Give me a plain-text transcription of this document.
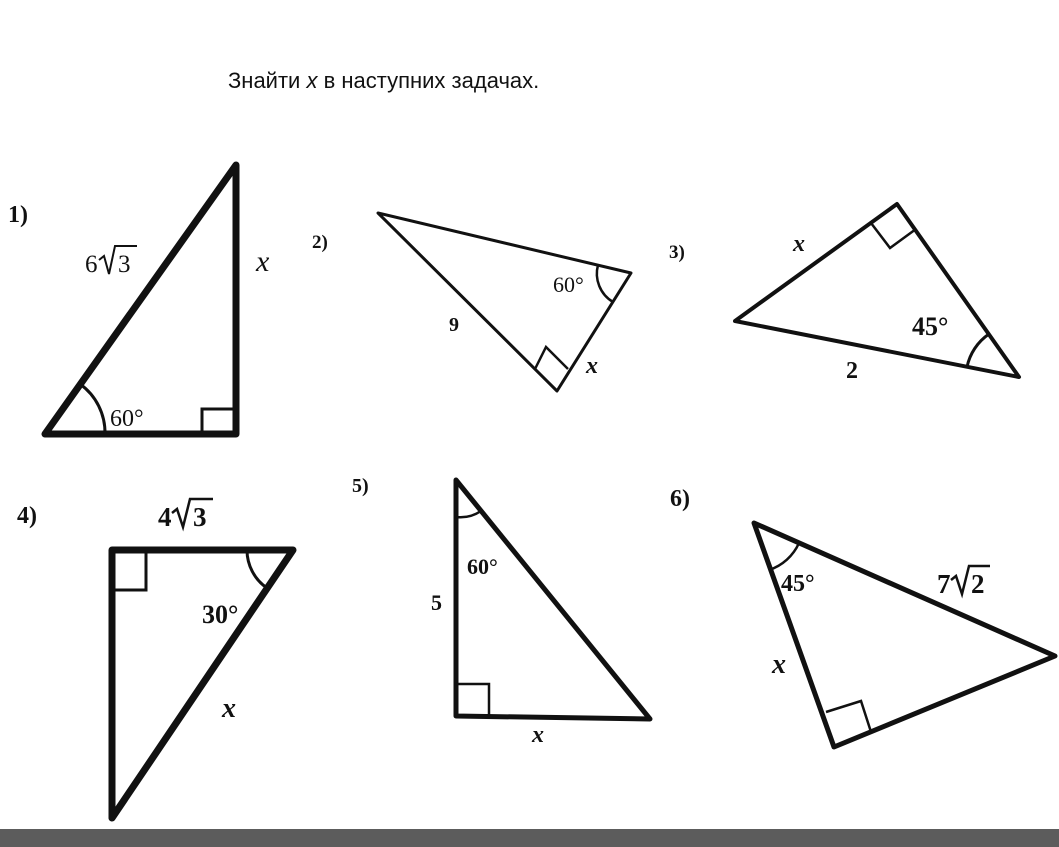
Знайти x в наступних задачах.
1)
60°
6 3	x
2)
60°
9
x
3)
45°
x
2
4)
30°
4 3
x
5)
60°
5
x
6)
45°	7 2
x
